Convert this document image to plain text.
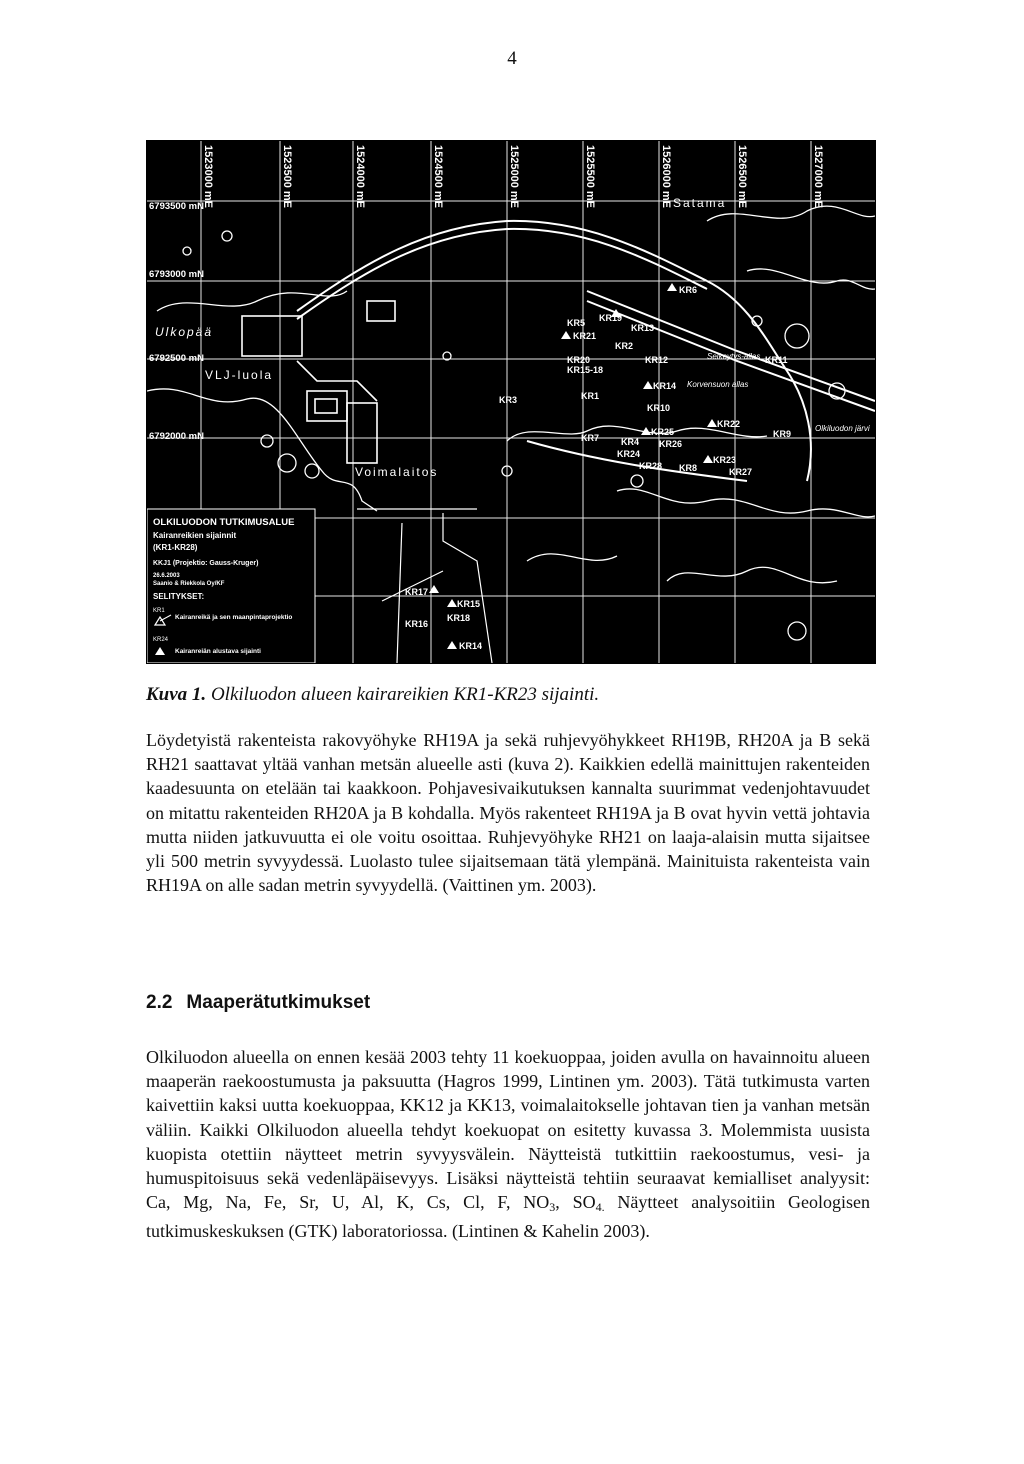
4
1523000 mE	1523500 mE	1524000 mE	1524500 mE	1525000 mE	1525500 mE	1526000 mE	1526500 mE	1527000 mE
6793500 mN
6793000 mN
6792500 mN
6792000 mN
Satama
Ulkopää
VLJ-luola
Voimalaitos
Selkeytys-allas
Korvensuon allas
Olkiluodon järvi
KR6
KR19
KR5	KR13
KR21
KR2
KR20	KR12	KR11
KR15-18
KR14
KR3	KR1
KR10
KR22
KR25	KR9
KR7 KR4 KR26
KR24
KR23
KR28 KR8	KR27
KR17
KR15
KR18
KR16
KR14
OLKILUODON TUTKIMUSALUE
Kairanreikien sijainnit
(KR1-KR28)
KKJ1 (Projektio: Gauss-Kruger)
26.6.2003
Saanio & Riekkola Oy/KF
SELITYKSET:
KR1
Kairanreikä ja sen maanpintaprojektio
KR24
Kairanreiän alustava sijainti
Kuva 1. Olkiluodon alueen kairareikien KR1-KR23 sijainti.
Löydetyistä rakenteista rakovyöhyke RH19A ja sekä ruhjevyöhykkeet RH19B, RH20A ja B sekä RH21 saattavat yltää vanhan metsän alueelle asti (kuva 2). Kaikkien edellä mainittujen rakenteiden kaadesuunta on etelään tai kaakkoon. Pohjavesivaikutuksen kannalta suurimmat vedenjohtavuudet on mitattu rakenteiden RH20A ja B kohdalla. Myös rakenteet RH19A ja B ovat hyvin vettä johtavia mutta niiden jatkuvuutta ei ole voitu osoittaa. Ruhjevyöhyke RH21 on laaja-alaisin mutta sijaitsee yli 500 metrin syvyydessä. Luolasto tulee sijaitsemaan tätä ylempänä. Mainituista rakenteista vain RH19A on alle sadan metrin syvyydellä. (Vaittinen ym. 2003).
2.2 Maaperätutkimukset
Olkiluodon alueella on ennen kesää 2003 tehty 11 koekuoppaa, joiden avulla on havainnoitu alueen maaperän raekoostumusta ja paksuutta (Hagros 1999, Lintinen ym. 2003). Tätä tutkimusta varten kaivettiin kaksi uutta koekuoppaa, KK12 ja KK13, voimalaitokselle johtavan tien ja vanhan metsän väliin. Kaikki Olkiluodon alueella tehdyt koekuopat on esitetty kuvassa 3. Molemmista uusista kuopista otettiin näytteet metrin syvyysvälein. Näytteistä tutkittiin raekoostumus, vesi- ja humuspitoisuus sekä vedenläpäisevyys. Lisäksi näytteistä tehtiin seuraavat kemialliset analyysit: Ca, Mg, Na, Fe, Sr, U, Al, K, Cs, Cl, F, $NO_3$, $SO_{4.}$ Näytteet analysoitiin Geologisen tutkimuskeskuksen (GTK) laboratoriossa. (Lintinen & Kahelin 2003).
